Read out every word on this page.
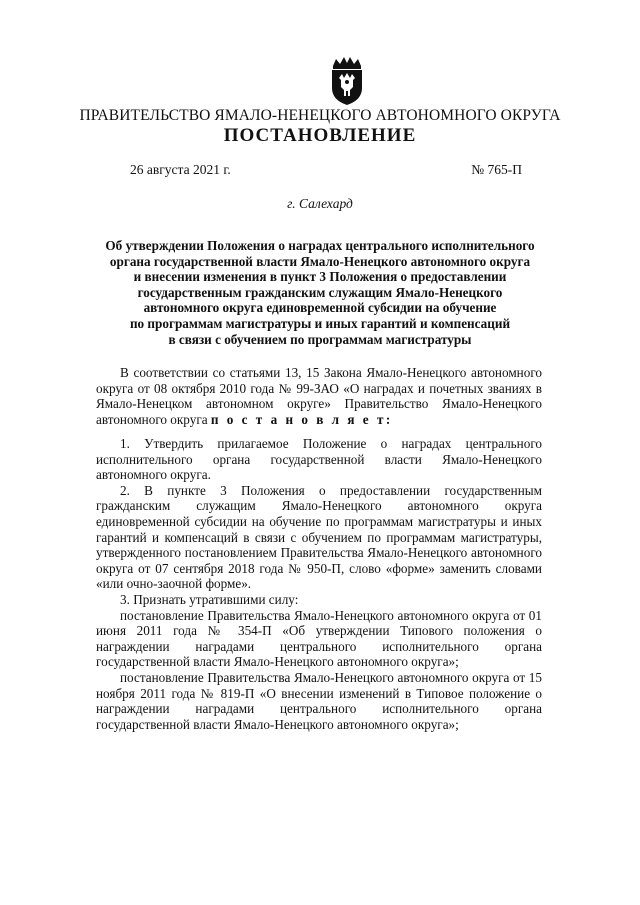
ПРАВИТЕЛЬСТВО ЯМАЛО-НЕНЕЦКОГО АВТОНОМНОГО ОКРУГА
ПОСТАНОВЛЕНИЕ
26 августа 2021 г.	№ 765-П
г. Салехард
Об утверждении Положения о наградах центрального исполнительного
органа государственной власти Ямало-Ненецкого автономного округа
и внесении изменения в пункт 3 Положения о предоставлении
государственным гражданским служащим Ямало-Ненецкого
автономного округа единовременной субсидии на обучение
по программам магистратуры и иных гарантий и компенсаций
в связи с обучением по программам магистратуры

В соответствии со статьями 13, 15 Закона Ямало-Ненецкого автономного округа от 08 октября 2010 года № 99-ЗАО «О наградах и почетных званиях в Ямало-Ненецком автономном округе» Правительство Ямало-Ненецкого автономного округа п о с т а н о в л я е т:

1. Утвердить прилагаемое Положение о наградах центрального исполнительного органа государственной власти Ямало-Ненецкого автономного округа.

2. В пункте 3 Положения о предоставлении государственным гражданским служащим Ямало-Ненецкого автономного округа единовременной субсидии на обучение по программам магистратуры и иных гарантий и компенсаций в связи с обучением по программам магистратуры, утвержденного постановлением Правительства Ямало-Ненецкого автономного округа от 07 сентября 2018 года № 950-П, слово «форме» заменить словами «или очно-заочной форме».

3. Признать утратившими силу:

постановление Правительства Ямало-Ненецкого автономного округа от 01 июня 2011 года № 354-П «Об утверждении Типового положения о награждении наградами центрального исполнительного органа государственной власти Ямало-Ненецкого автономного округа»;

постановление Правительства Ямало-Ненецкого автономного округа от 15 ноября 2011 года № 819-П «О внесении изменений в Типовое положение о награждении наградами центрального исполнительного органа государственной власти Ямало-Ненецкого автономного округа»;
